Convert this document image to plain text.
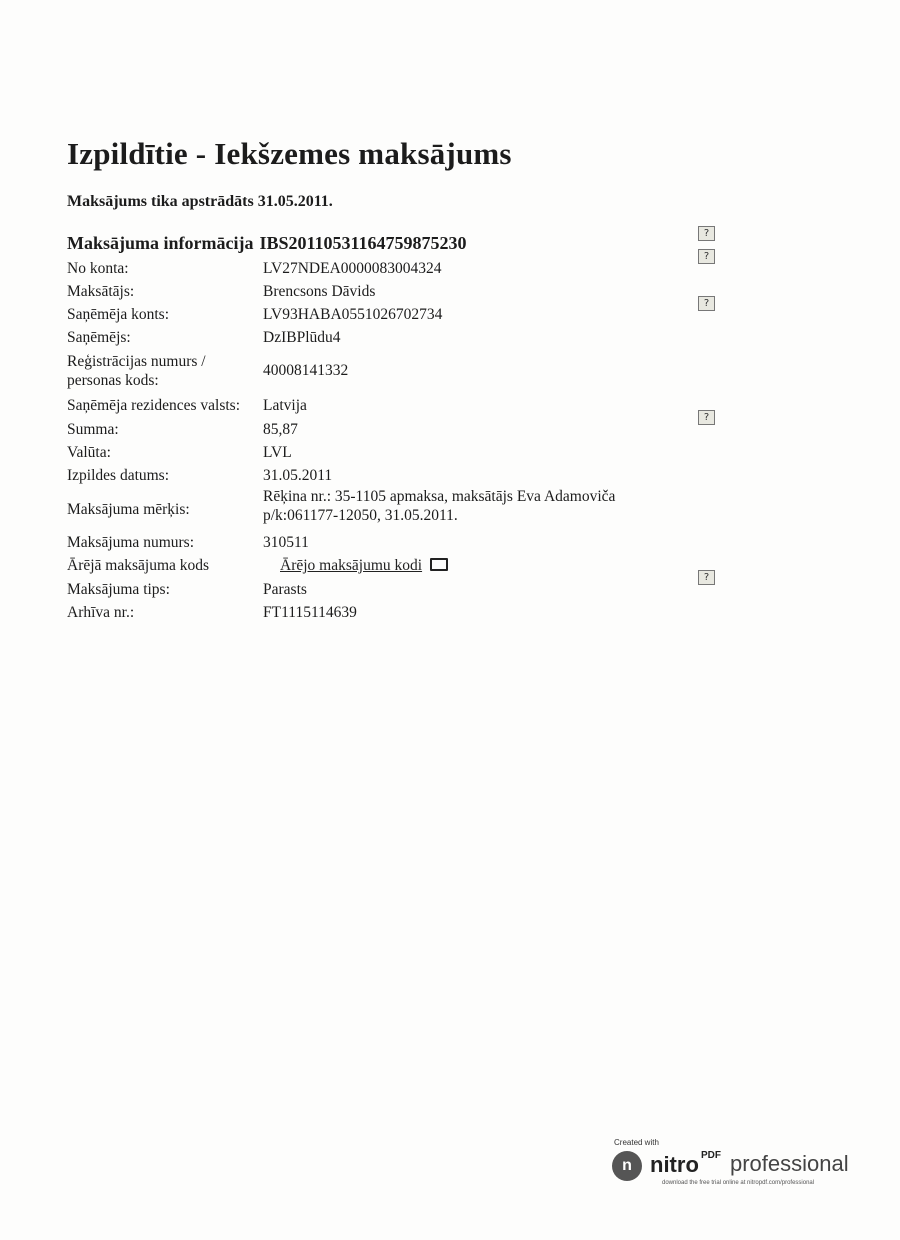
Izpildītie - Iekšzemes maksājums
Maksājums tika apstrādāts 31.05.2011.
Maksājuma informācija IBS20110531164759875230
No konta:	LV27NDEA0000083004324
Maksātājs:	Brencsons Dāvids
Saņēmēja konts:	LV93HABA0551026702734
Saņēmējs:	DzIBPlūdu4
Reģistrācijas numurs / personas kods:
40008141332
Saņēmēja rezidences valsts:	Latvija
Summa:	85,87
Valūta:	LVL
Izpildes datums:	31.05.2011
Maksājuma mērķis:
Rēķina nr.: 35-1105 apmaksa, maksātājs Eva Adamoviča p/k:061177-12050, 31.05.2011.
Maksājuma numurs:	310511
Ārējā maksājuma kods	Ārējo maksājumu kodi
Maksājuma tips:	Parasts
Arhīva nr.:	FT1115114639
?
?
?
?
?
Created with
n nitro PDF professional
download the free trial online at nitropdf.com/professional
